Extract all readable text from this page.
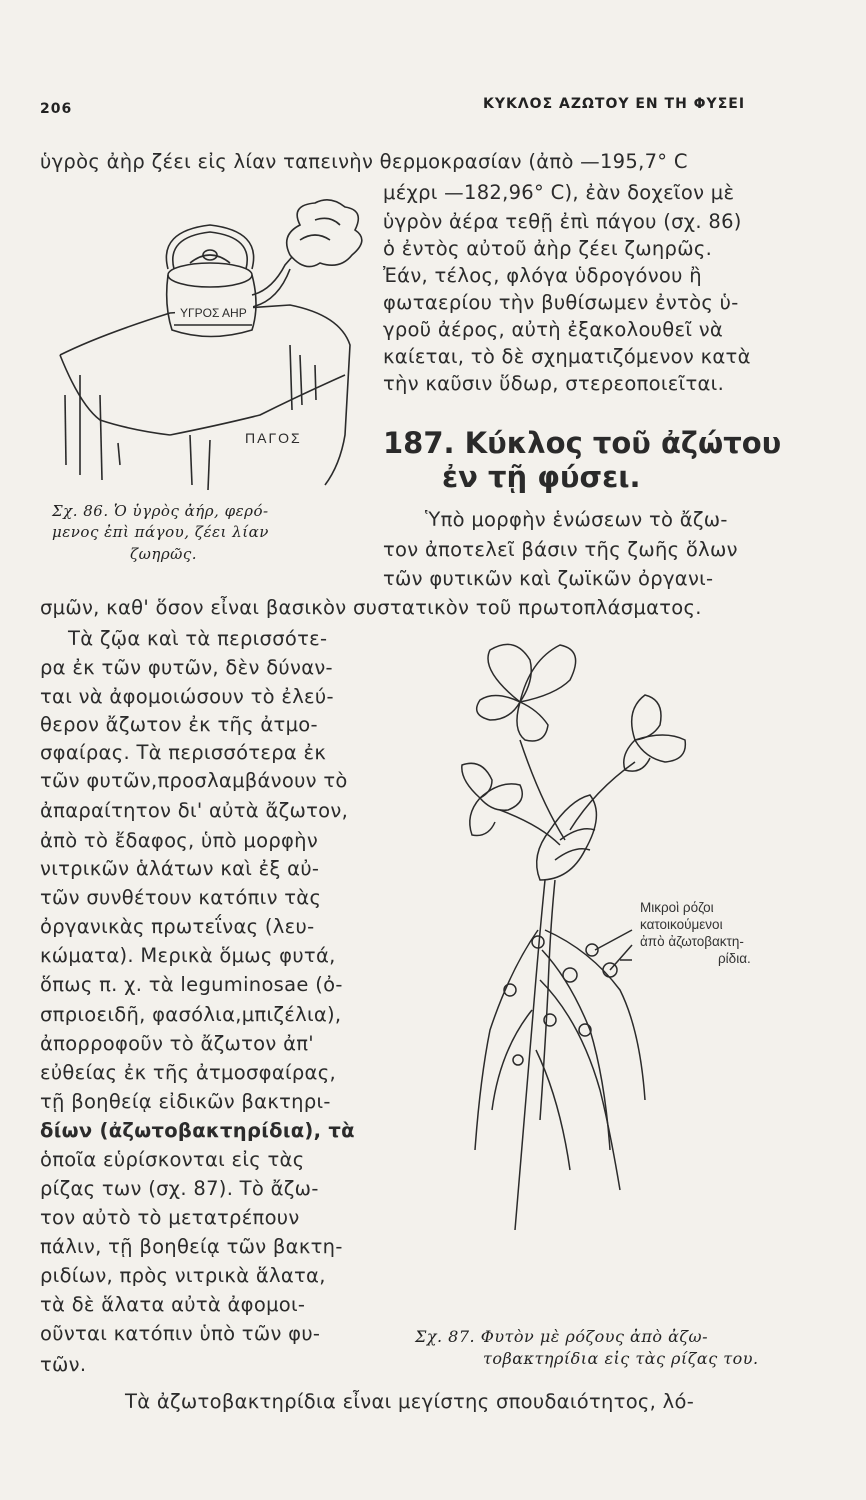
206	ΚΥΚΛΟΣ ΑΖΩΤΟΥ ΕΝ ΤΗ ΦΥΣΕΙ
ὑγρὸς ἀὴρ ζέει εἰς λίαν ταπεινὴν θερμοκρασίαν (ἀπὸ —195,7° C
μέχρι —182,96° C), ἐὰν δοχεῖον μὲ
ὑγρὸν ἀέρα τεθῇ ἐπὶ πάγου (σχ. 86)
ὁ ἐντὸς αὐτοῦ ἀὴρ ζέει ζωηρῶς.
Ἐάν, τέλος, φλόγα ὑδρογόνου ἢ
φωταερίου τὴν βυθίσωμεν ἐντὸς ὑ-
γροῦ ἀέρος, αὐτὴ ἐξακολουθεῖ νὰ
καίεται, τὸ δὲ σχηματιζόμενον κατὰ
τὴν καῦσιν ὕδωρ, στερεοποιεῖται.
ΥΓΡΟΣ ΑΗΡ
ΠΑΓΟΣ
Σχ. 86. Ὁ ὑγρὸς ἀήρ, φερό-
μενος ἐπὶ πάγου, ζέει λίαν
ζωηρῶς.
187. Κύκλος τοῦ ἀζώτου
ἐν τῇ φύσει.
Ὑπὸ μορφὴν ἑνώσεων τὸ ἄζω-
τον ἀποτελεῖ βάσιν τῆς ζωῆς ὅλων
τῶν φυτικῶν καὶ ζωϊκῶν ὀργανι-
σμῶν, καθ' ὅσον εἶναι βασικὸν συστατικὸν τοῦ πρωτοπλάσματος.
Τὰ ζῷα καὶ τὰ περισσότε-
ρα ἐκ τῶν φυτῶν, δὲν δύναν-
ται νὰ ἀφομοιώσουν τὸ ἐλεύ-
θερον ἄζωτον ἐκ τῆς ἀτμο-
σφαίρας. Τὰ περισσότερα ἐκ
τῶν φυτῶν,προσλαμβάνουν τὸ
ἀπαραίτητον δι' αὐτὰ ἄζωτον,
ἀπὸ τὸ ἔδαφος, ὑπὸ μορφὴν
νιτρικῶν ἁλάτων καὶ ἐξ αὐ-
τῶν συνθέτουν κατόπιν τὰς
ὀργανικὰς πρωτεΐνας (λευ-
κώματα). Μερικὰ ὅμως φυτά,
ὅπως π. χ. τὰ leguminosae (ὀ-
σπριοειδῆ, φασόλια,μπιζέλια),
ἀπορροφοῦν τὸ ἄζωτον ἀπ'
εὐθείας ἐκ τῆς ἀτμοσφαίρας,
τῇ βοηθείᾳ εἰδικῶν βακτηρι-
δίων (ἀζωτοβακτηρίδια), τὰ
ὁποῖα εὑρίσκονται εἰς τὰς
ρίζας των (σχ. 87). Τὸ ἄζω-
τον αὐτὸ τὸ μετατρέπουν
πάλιν, τῇ βοηθείᾳ τῶν βακτη-
ριδίων, πρὸς νιτρικὰ ἅλατα,
τὰ δὲ ἅλατα αὐτὰ ἀφομοι-
οῦνται κατόπιν ὑπὸ τῶν φυ-
τῶν.
Μικροὶ ρόζοι
κατοικούμενοι
ἀπὸ ἀζωτοβακτη-
ρίδια.
Σχ. 87. Φυτὸν μὲ ρόζους ἀπὸ ἀζω-
τοβακτηρίδια εἰς τὰς ρίζας του.
Τὰ ἀζωτοβακτηρίδια εἶναι μεγίστης σπουδαιότητος, λό-
